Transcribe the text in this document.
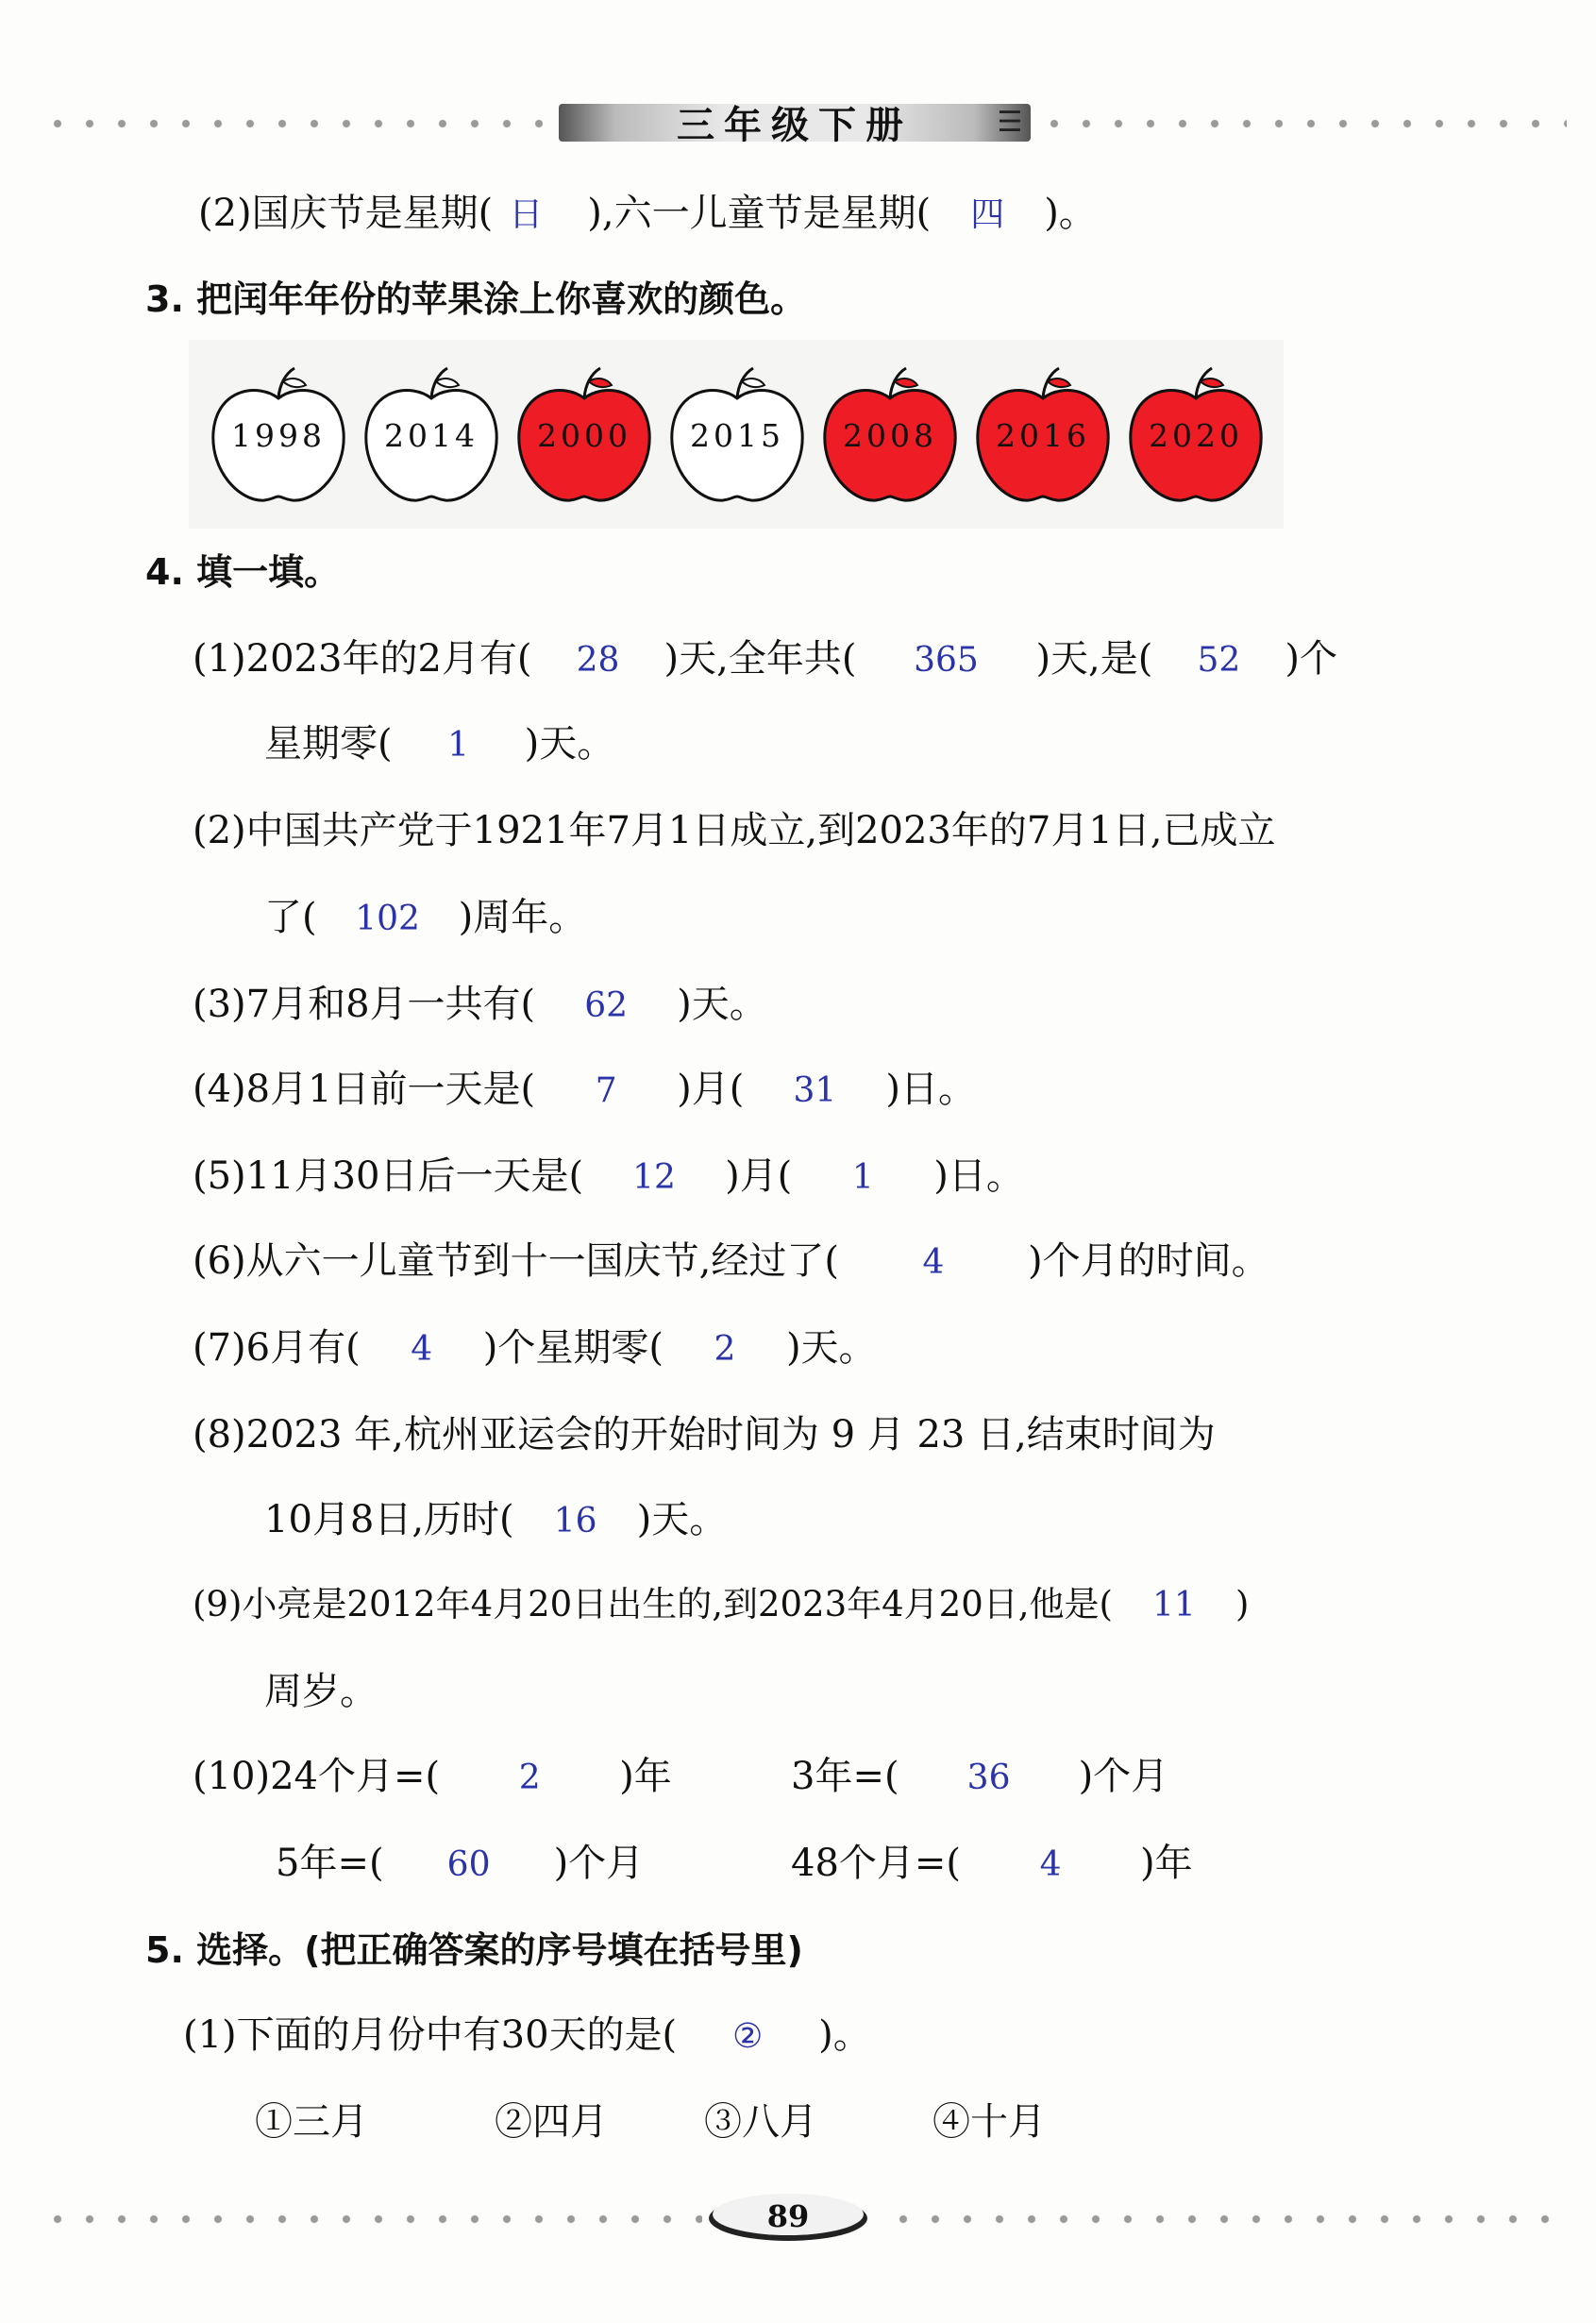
三年级下册	☰
(2)国庆节是星期( 日 ),六一儿童节是星期( 四 )。
3. 把闰年年份的苹果涂上你喜欢的颜色。
1998	2014	2000	2015	2008	2016	2020
4. 填一填。
(1)2023年的2月有( 28 )天,全年共( 365 )天,是( 52 )个
星期零( 1 )天。
(2)中国共产党于1921年7月1日成立,到2023年的7月1日,已成立
了( 102 )周年。
(3)7月和8月一共有( 62 )天。
(4)8月1日前一天是( 7 )月( 31 )日。
(5)11月30日后一天是( 12 )月( 1 )日。
(6)从六一儿童节到十一国庆节,经过了( 4 )个月的时间。
(7)6月有( 4 )个星期零( 2 )天。
(8)2023 年,杭州亚运会的开始时间为 9 月 23 日,结束时间为
10月8日,历时( 16 )天。
(9)小亮是2012年4月20日出生的,到2023年4月20日,他是( 11 )
周岁。
(10)24个月=( 2 )年	3年=( 36 )个月
5年=( 60 )个月	48个月=( 4 )年
5. 选择。(把正确答案的序号填在括号里)
(1)下面的月份中有30天的是( ② )。
①三月	②四月	③八月	④十月
89
